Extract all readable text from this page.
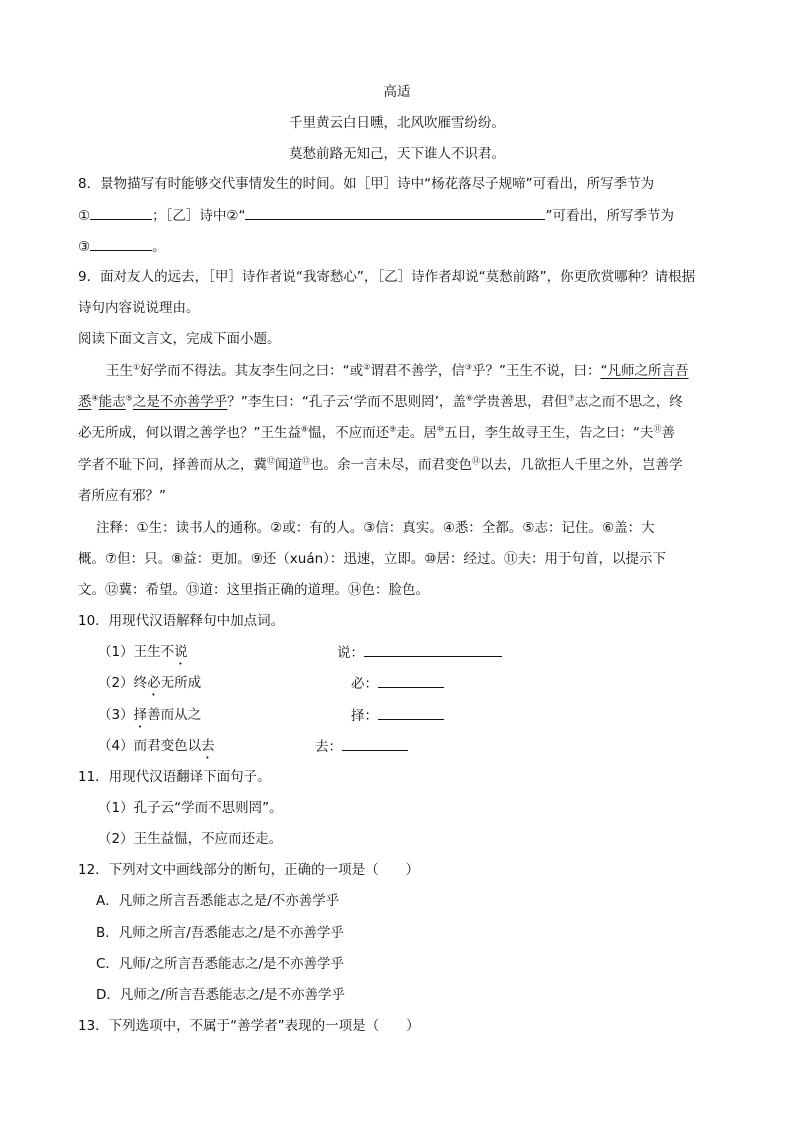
高适
千里黄云白日曛，北风吹雁雪纷纷。
莫愁前路无知己，天下谁人不识君。
8．景物描写有时能够交代事情发生的时间。如［甲］诗中“杨花落尽子规啼”可看出，所写季节为
①	；［乙］诗中②“	”可看出，所写季节为
③	。
9．面对友人的远去，［甲］诗作者说“我寄愁心”，［乙］诗作者却说“莫愁前路”，你更欣赏哪种？请根据
诗句内容说说理由。
阅读下面文言文，完成下面小题。
王生①好学而不得法。其友李生问之曰：“或②谓君不善学，信③乎？”王生不说，曰：“凡师之所言吾
悉④能志⑤之是不亦善学乎？”李生曰：“孔子云‘学而不思则罔’，盖⑥学贵善思，君但⑦志之而不思之，终
必无所成，何以谓之善学也？”王生益⑧愠，不应而还⑨走。居⑩五日，李生故寻王生，告之曰：“夫⑪善
学者不耻下问，择善而从之，冀⑫闻道⑬也。余一言未尽，而君变色⑭以去，几欲拒人千里之外，岂善学
者所应有邪？”
注释：①生：读书人的通称。②或：有的人。③信：真实。④悉：全都。⑤志：记住。⑥盖：大
概。⑦但：只。⑧益：更加。⑨还（xuán）：迅速，立即。⑩居：经过。⑪夫：用于句首，以提示下
文。⑫冀：希望。⑬道：这里指正确的道理。⑭色：脸色。
10．用现代汉语解释句中加点词。
（1）王生不说	说：
（2）终必无所成	必：
（3）择善而从之	择：
（4）而君变色以去	去：
11．用现代汉语翻译下面句子。
（1）孔子云“学而不思则罔”。
（2）王生益愠，不应而还走。
12．下列对文中画线部分的断句，正确的一项是（　　）
A．凡师之所言吾悉能志之是/不亦善学乎
B．凡师之所言/吾悉能志之/是不亦善学乎
C．凡师/之所言吾悉能志之/是不亦善学乎
D．凡师之/所言吾悉能志之/是不亦善学乎
13．下列选项中，不属于“善学者”表现的一项是（　　）
